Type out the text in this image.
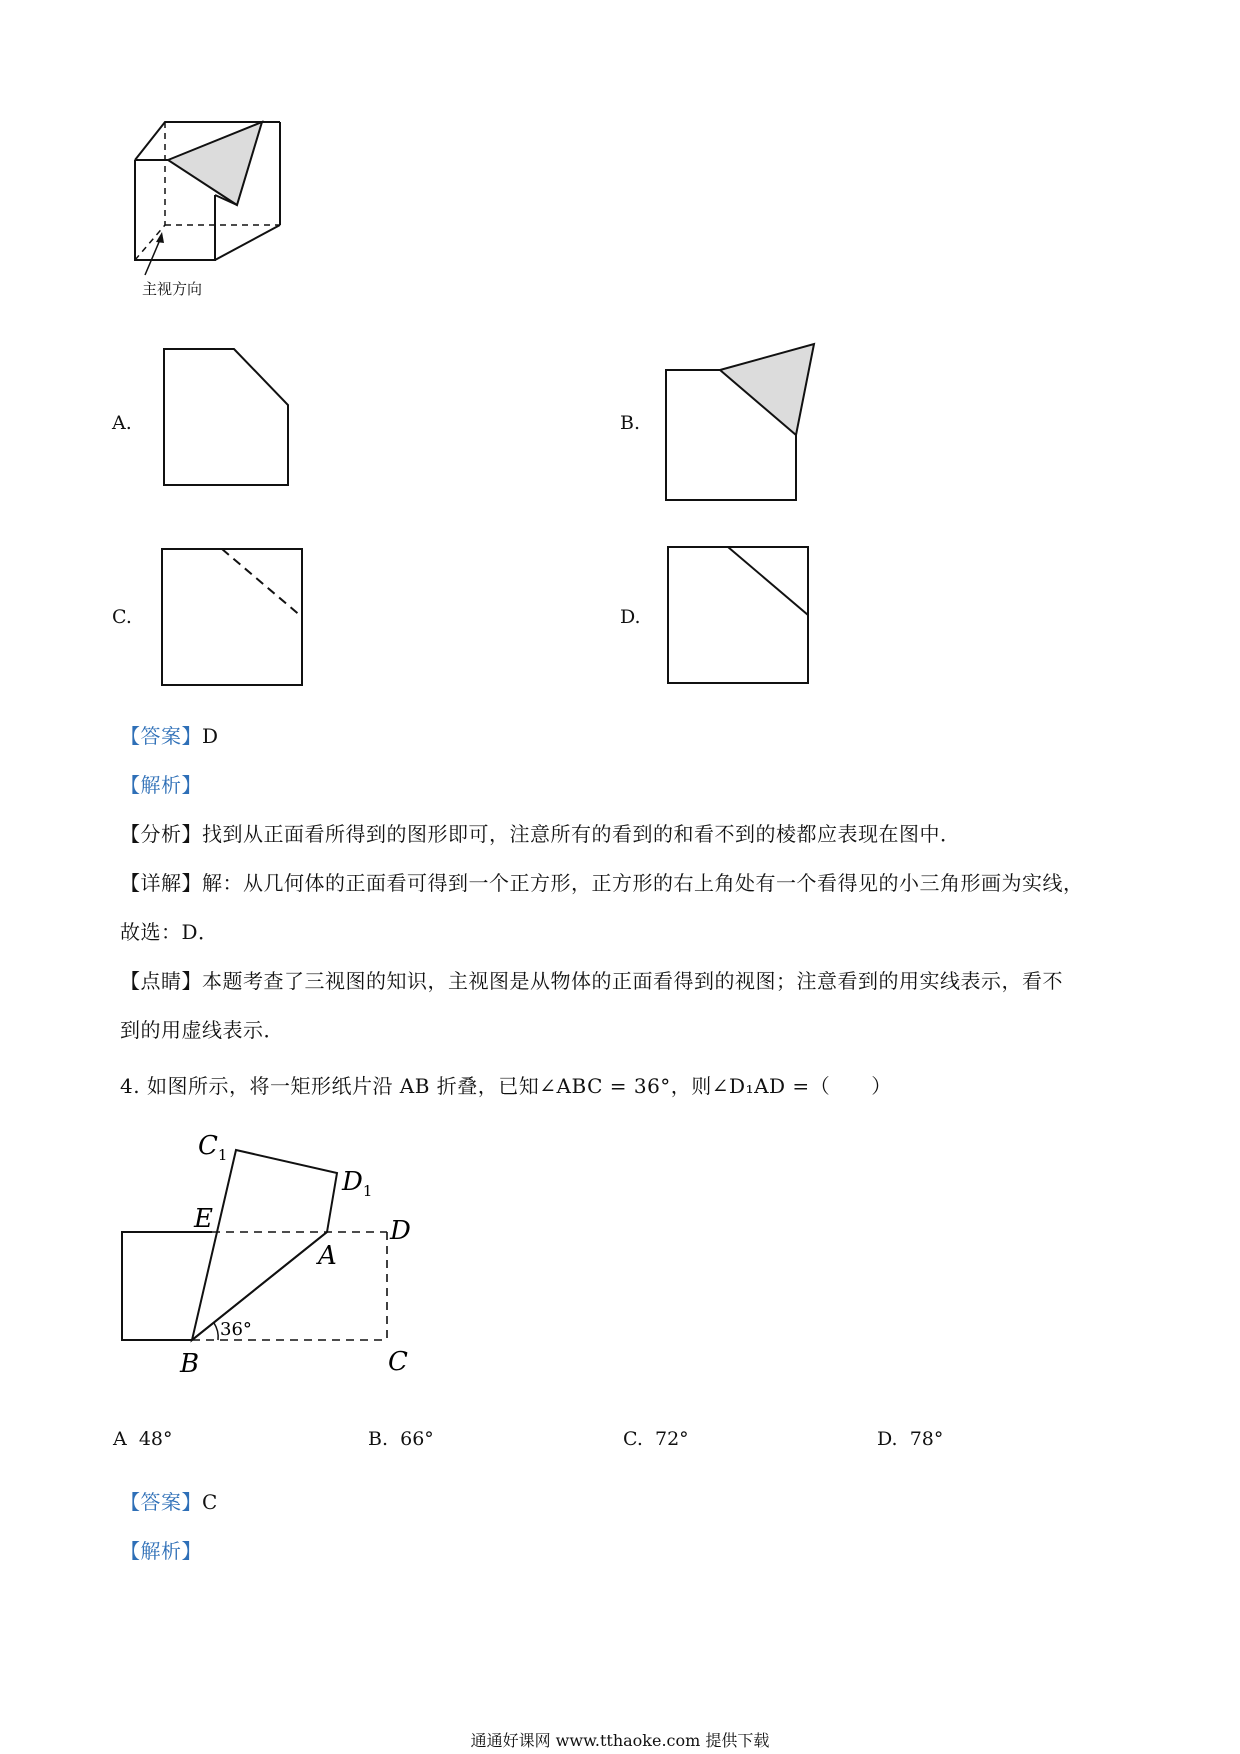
主视方向
A.	B.
C.	D.
【答案】D
【解析】
【分析】找到从正面看所得到的图形即可，注意所有的看到的和看不到的棱都应表现在图中．
【详解】解：从几何体的正面看可得到一个正方形，正方形的右上角处有一个看得见的小三角形画为实线，
故选：D．
【点睛】本题考查了三视图的知识，主视图是从物体的正面看得到的视图；注意看到的用实线表示，看不
到的用虚线表示．
4. 如图所示，将一矩形纸片沿 AB 折叠，已知∠ABC = 36°，则∠D₁AD =（　　）
$C_1$
$D_1$
E	D
A
B	C
36°
A 48°	B. 66°	C. 72°	D. 78°
【答案】C
【解析】
通通好课网 www.tthaoke.com 提供下载
